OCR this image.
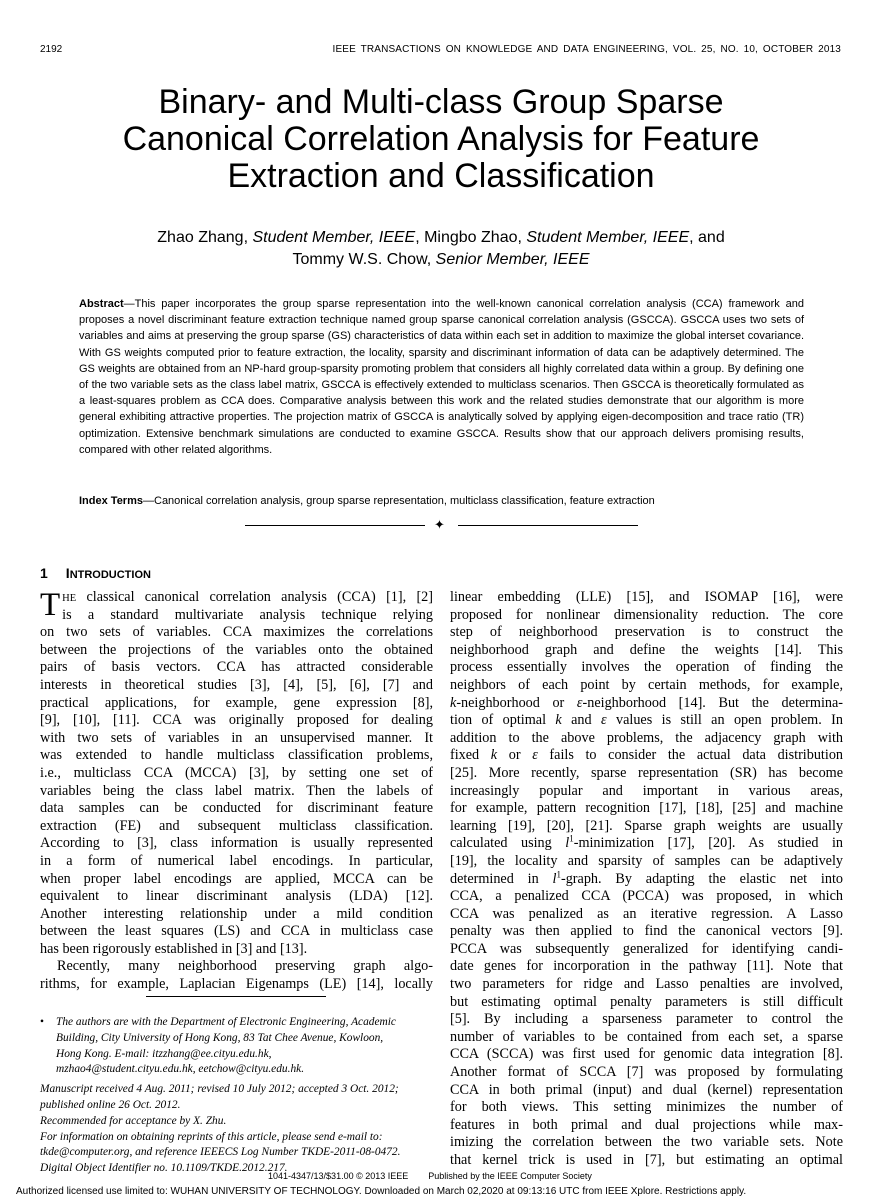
2192	IEEE TRANSACTIONS ON KNOWLEDGE AND DATA ENGINEERING, VOL. 25, NO. 10, OCTOBER 2013
Binary- and Multi-class Group Sparse
Canonical Correlation Analysis for Feature
Extraction and Classification
Zhao Zhang, Student Member, IEEE, Mingbo Zhao, Student Member, IEEE, and
Tommy W.S. Chow, Senior Member, IEEE
Abstract—This paper incorporates the group sparse representation into the well-known canonical correlation analysis (CCA) framework and proposes a novel discriminant feature extraction technique named group sparse canonical correlation analysis (GSCCA). GSCCA uses two sets of variables and aims at preserving the group sparse (GS) characteristics of data within each set in addition to maximize the global interset covariance. With GS weights computed prior to feature extraction, the locality, sparsity and discriminant information of data can be adaptively determined. The GS weights are obtained from an NP-hard group-sparsity promoting problem that considers all highly correlated data within a group. By defining one of the two variable sets as the class label matrix, GSCCA is effectively extended to multiclass scenarios. Then GSCCA is theoretically formulated as a least-squares problem as CCA does. Comparative analysis between this work and the related studies demonstrate that our algorithm is more general exhibiting attractive properties. The projection matrix of GSCCA is analytically solved by applying eigen-decomposition and trace ratio (TR) optimization. Extensive benchmark simulations are conducted to examine GSCCA. Results show that our approach delivers promising results, compared with other related algorithms.
Index Terms—Canonical correlation analysis, group sparse representation, multiclass classification, feature extraction
✦
1 INTRODUCTION
T HE classical canonical correlation analysis (CCA) [1], [2]
is a standard multivariate analysis technique relying
on two sets of variables. CCA maximizes the correlations
between the projections of the variables onto the obtained
pairs of basis vectors. CCA has attracted considerable
interests in theoretical studies [3], [4], [5], [6], [7] and
practical applications, for example, gene expression [8],
[9], [10], [11]. CCA was originally proposed for dealing
with two sets of variables in an unsupervised manner. It
was extended to handle multiclass classification problems,
i.e., multiclass CCA (MCCA) [3], by setting one set of
variables being the class label matrix. Then the labels of
data samples can be conducted for discriminant feature
extraction (FE) and subsequent multiclass classification.
According to [3], class information is usually represented
in a form of numerical label encodings. In particular,
when proper label encodings are applied, MCCA can be
equivalent to linear discriminant analysis (LDA) [12].
Another interesting relationship under a mild condition
between the least squares (LS) and CCA in multiclass case
has been rigorously established in [3] and [13].
Recently, many neighborhood preserving graph algo-
rithms, for example, Laplacian Eigenamps (LE) [14], locally
• The authors are with the Department of Electronic Engineering, Academic
Building, City University of Hong Kong, 83 Tat Chee Avenue, Kowloon,
Hong Kong. E-mail: itzzhang@ee.cityu.edu.hk,
mzhao4@student.cityu.edu.hk, eetchow@cityu.edu.hk.
Manuscript received 4 Aug. 2011; revised 10 July 2012; accepted 3 Oct. 2012;
published online 26 Oct. 2012.
Recommended for acceptance by X. Zhu.
For information on obtaining reprints of this article, please send e-mail to:
tkde@computer.org, and reference IEEECS Log Number TKDE-2011-08-0472.
Digital Object Identifier no. 10.1109/TKDE.2012.217.
linear embedding (LLE) [15], and ISOMAP [16], were
proposed for nonlinear dimensionality reduction. The core
step of neighborhood preservation is to construct the
neighborhood graph and define the weights [14]. This
process essentially involves the operation of finding the
neighbors of each point by certain methods, for example,
k-neighborhood or ε-neighborhood [14]. But the determina-
tion of optimal k and ε values is still an open problem. In
addition to the above problems, the adjacency graph with
fixed k or ε fails to consider the actual data distribution
[25]. More recently, sparse representation (SR) has become
increasingly popular and important in various areas,
for example, pattern recognition [17], [18], [25] and machine
learning [19], [20], [21]. Sparse graph weights are usually
calculated using $l^1$-minimization [17], [20]. As studied in
[19], the locality and sparsity of samples can be adaptively
determined in $l^1$-graph. By adapting the elastic net into
CCA, a penalized CCA (PCCA) was proposed, in which
CCA was penalized as an iterative regression. A Lasso
penalty was then applied to find the canonical vectors [9].
PCCA was subsequently generalized for identifying candi-
date genes for incorporation in the pathway [11]. Note that
two parameters for ridge and Lasso penalties are involved,
but estimating optimal penalty parameters is still difficult
[5]. By including a sparseness parameter to control the
number of variables to be contained from each set, a sparse
CCA (SCCA) was first used for genomic data integration [8].
Another format of SCCA [7] was proposed by formulating
CCA in both primal (input) and dual (kernel) representation
for both views. This setting minimizes the number of
features in both primal and dual projections while max-
imizing the correlation between the two variable sets. Note
that kernel trick is used in [7], but estimating an optimal
1041-4347/13/$31.00 © 2013 IEEE Published by the IEEE Computer Society
Authorized licensed use limited to: WUHAN UNIVERSITY OF TECHNOLOGY. Downloaded on March 02,2020 at 09:13:16 UTC from IEEE Xplore. Restrictions apply.
